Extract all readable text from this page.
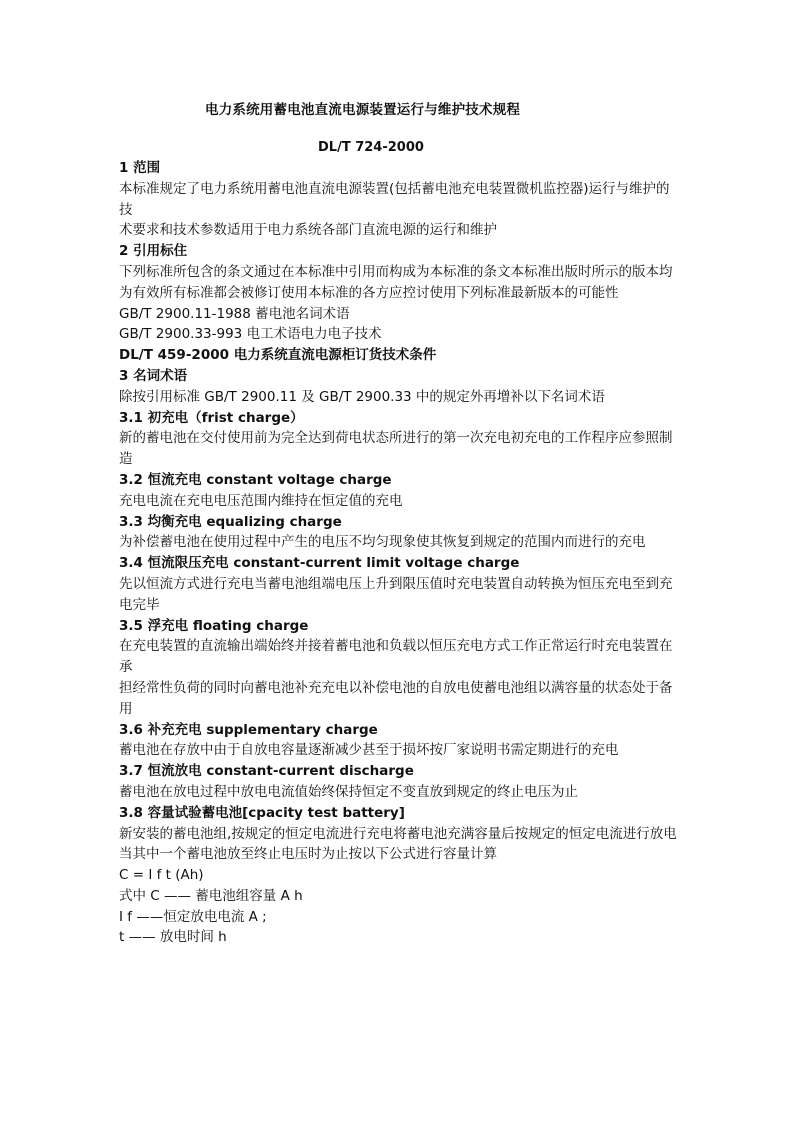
电力系统用蓄电池直流电源装置运行与维护技术规程
DL/T 724-2000
1 范围
本标准规定了电力系统用蓄电池直流电源装置(包括蓄电池充电装置微机监控器)运行与维护的技
术要求和技术参数适用于电力系统各部门直流电源的运行和维护
2 引用标住
下列标准所包含的条文通过在本标准中引用而构成为本标准的条文本标准出版时所示的版本均
为有效所有标准都会被修订使用本标准的各方应控讨使用下列标准最新版本的可能性
GB/T 2900.11-1988 蓄电池名词术语
GB/T 2900.33-993 电工术语电力电子技术
DL/T 459-2000 电力系统直流电源柜订货技术条件
3 名词术语
除按引用标准 GB/T 2900.11 及 GB/T 2900.33 中的规定外再增补以下名词术语
3.1 初充电（frist charge）
新的蓄电池在交付使用前为完全达到荷电状态所进行的第一次充电初充电的工作程序应参照制造
3.2 恒流充电 constant voltage charge
充电电流在充电电压范围内维持在恒定值的充电
3.3 均衡充电 equalizing charge
为补偿蓄电池在使用过程中产生的电压不均匀现象使其恢复到规定的范围内而进行的充电
3.4 恒流限压充电 constant-current limit voltage charge
先以恒流方式进行充电当蓄电池组端电压上升到限压值时充电装置自动转换为恒压充电至到充
电完毕
3.5 浮充电 floating charge
在充电装置的直流输出端始终并接着蓄电池和负载以恒压充电方式工作正常运行时充电装置在承
担经常性负荷的同时向蓄电池补充充电以补偿电池的自放电使蓄电池组以满容量的状态处于备用
3.6 补充充电 supplementary charge
蓄电池在存放中由于自放电容量逐渐减少甚至于损坏按厂家说明书需定期进行的充电
3.7 恒流放电 constant-current discharge
蓄电池在放电过程中放电电流值始终保持恒定不变直放到规定的终止电压为止
3.8 容量试验蓄电池[cpacity test battery]
新安装的蓄电池组,按规定的恒定电流进行充电将蓄电池充满容量后按规定的恒定电流进行放电
当其中一个蓄电池放至终止电压时为止按以下公式进行容量计算
C = I f t (Ah)
式中 C —— 蓄电池组容量 A h
I f ——恒定放电电流 A ;
t —— 放电时间 h
